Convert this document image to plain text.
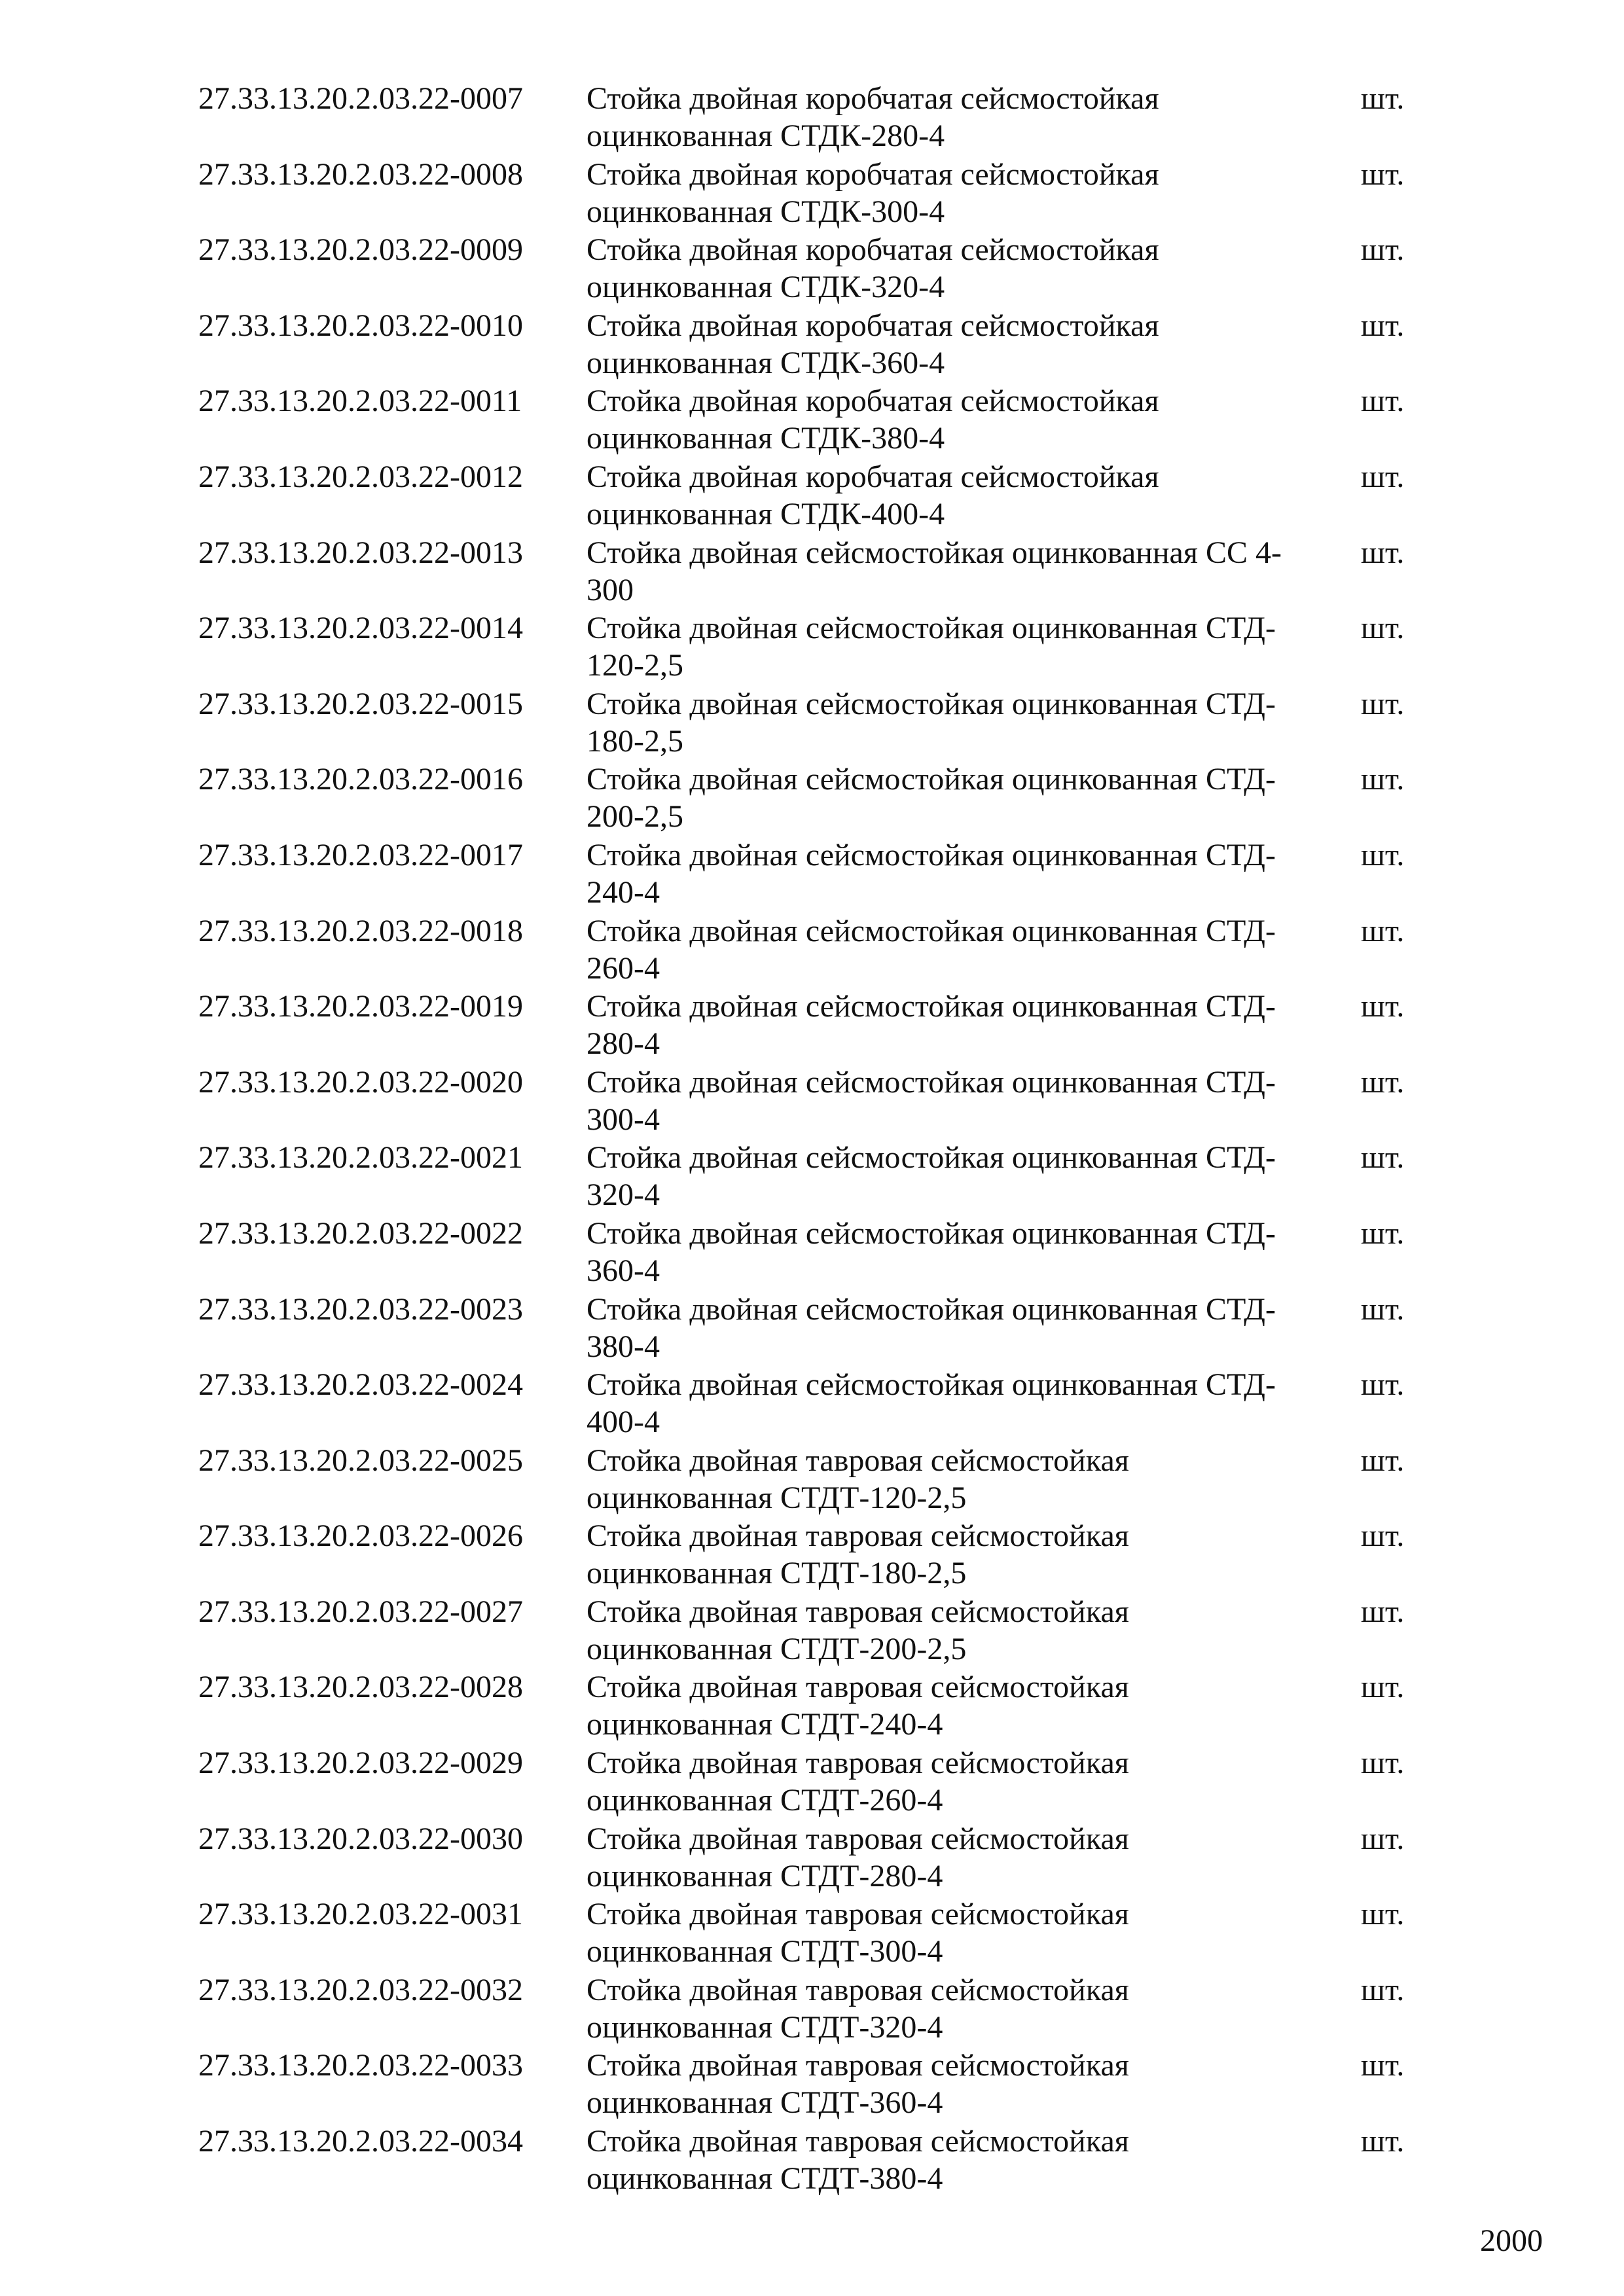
27.33.13.20.2.03.22-0007 Стойка двойная коробчатая сейсмостойкая
оцинкованная СТДК-280-4
шт.
27.33.13.20.2.03.22-0008 Стойка двойная коробчатая сейсмостойкая
оцинкованная СТДК-300-4
шт.
27.33.13.20.2.03.22-0009 Стойка двойная коробчатая сейсмостойкая
оцинкованная СТДК-320-4
шт.
27.33.13.20.2.03.22-0010 Стойка двойная коробчатая сейсмостойкая
оцинкованная СТДК-360-4
шт.
27.33.13.20.2.03.22-0011 Стойка двойная коробчатая сейсмостойкая
оцинкованная СТДК-380-4
шт.
27.33.13.20.2.03.22-0012 Стойка двойная коробчатая сейсмостойкая
оцинкованная СТДК-400-4
шт.
27.33.13.20.2.03.22-0013 Стойка двойная сейсмостойкая оцинкованная СС 4-
300
шт.
27.33.13.20.2.03.22-0014 Стойка двойная сейсмостойкая оцинкованная СТД-
120-2,5
шт.
27.33.13.20.2.03.22-0015 Стойка двойная сейсмостойкая оцинкованная СТД-
180-2,5
шт.
27.33.13.20.2.03.22-0016 Стойка двойная сейсмостойкая оцинкованная СТД-
200-2,5
шт.
27.33.13.20.2.03.22-0017 Стойка двойная сейсмостойкая оцинкованная СТД-
240-4
шт.
27.33.13.20.2.03.22-0018 Стойка двойная сейсмостойкая оцинкованная СТД-
260-4
шт.
27.33.13.20.2.03.22-0019 Стойка двойная сейсмостойкая оцинкованная СТД-
280-4
шт.
27.33.13.20.2.03.22-0020 Стойка двойная сейсмостойкая оцинкованная СТД-
300-4
шт.
27.33.13.20.2.03.22-0021 Стойка двойная сейсмостойкая оцинкованная СТД-
320-4
шт.
27.33.13.20.2.03.22-0022 Стойка двойная сейсмостойкая оцинкованная СТД-
360-4
шт.
27.33.13.20.2.03.22-0023 Стойка двойная сейсмостойкая оцинкованная СТД-
380-4
шт.
27.33.13.20.2.03.22-0024 Стойка двойная сейсмостойкая оцинкованная СТД-
400-4
шт.
27.33.13.20.2.03.22-0025 Стойка двойная тавровая сейсмостойкая
оцинкованная СТДТ-120-2,5
шт.
27.33.13.20.2.03.22-0026 Стойка двойная тавровая сейсмостойкая
оцинкованная СТДТ-180-2,5
шт.
27.33.13.20.2.03.22-0027 Стойка двойная тавровая сейсмостойкая
оцинкованная СТДТ-200-2,5
шт.
27.33.13.20.2.03.22-0028 Стойка двойная тавровая сейсмостойкая
оцинкованная СТДТ-240-4
шт.
27.33.13.20.2.03.22-0029 Стойка двойная тавровая сейсмостойкая
оцинкованная СТДТ-260-4
шт.
27.33.13.20.2.03.22-0030 Стойка двойная тавровая сейсмостойкая
оцинкованная СТДТ-280-4
шт.
27.33.13.20.2.03.22-0031 Стойка двойная тавровая сейсмостойкая
оцинкованная СТДТ-300-4
шт.
27.33.13.20.2.03.22-0032 Стойка двойная тавровая сейсмостойкая
оцинкованная СТДТ-320-4
шт.
27.33.13.20.2.03.22-0033 Стойка двойная тавровая сейсмостойкая
оцинкованная СТДТ-360-4
шт.
27.33.13.20.2.03.22-0034 Стойка двойная тавровая сейсмостойкая
оцинкованная СТДТ-380-4
шт.
2000
